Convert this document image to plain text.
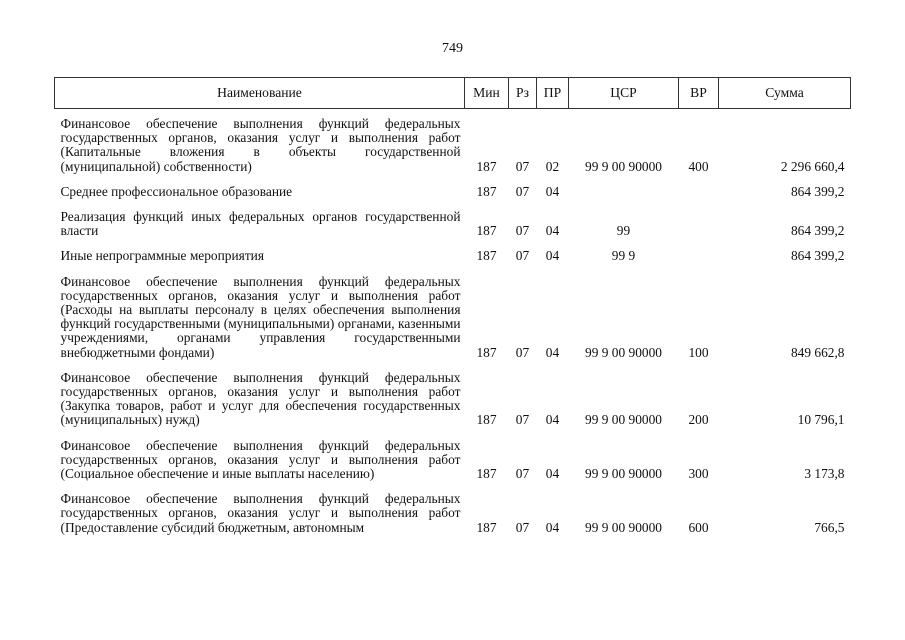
749
Наименование	Мин	Рз	ПР	ЦСР	ВР	Сумма
Финансовое обеспечение выполнения функций федеральных государственных органов, оказания услуг и выполнения работ (Капитальные вложения в объекты государственной (муниципальной) собственности)	187	07	02	99 9 00 90000	400	2 296 660,4
Среднее профессиональное образование	187	07	04			864 399,2
Реализация функций иных федеральных органов государственной власти	187	07	04	99		864 399,2
Иные непрограммные мероприятия	187	07	04	99 9		864 399,2
Финансовое обеспечение выполнения функций федеральных государственных органов, оказания услуг и выполнения работ (Расходы на выплаты персоналу в целях обеспечения выполнения функций государственными (муниципальными) органами, казенными учреждениями, органами управления государственными внебюджетными фондами)	187	07	04	99 9 00 90000	100	849 662,8
Финансовое обеспечение выполнения функций федеральных государственных органов, оказания услуг и выполнения работ (Закупка товаров, работ и услуг для обеспечения государственных (муниципальных) нужд)	187	07	04	99 9 00 90000	200	10 796,1
Финансовое обеспечение выполнения функций федеральных государственных органов, оказания услуг и выполнения работ (Социальное обеспечение и иные выплаты населению)	187	07	04	99 9 00 90000	300	3 173,8
Финансовое обеспечение выполнения функций федеральных государственных органов, оказания услуг и выполнения работ (Предоставление субсидий бюджетным, автономным	187	07	04	99 9 00 90000	600	766,5
